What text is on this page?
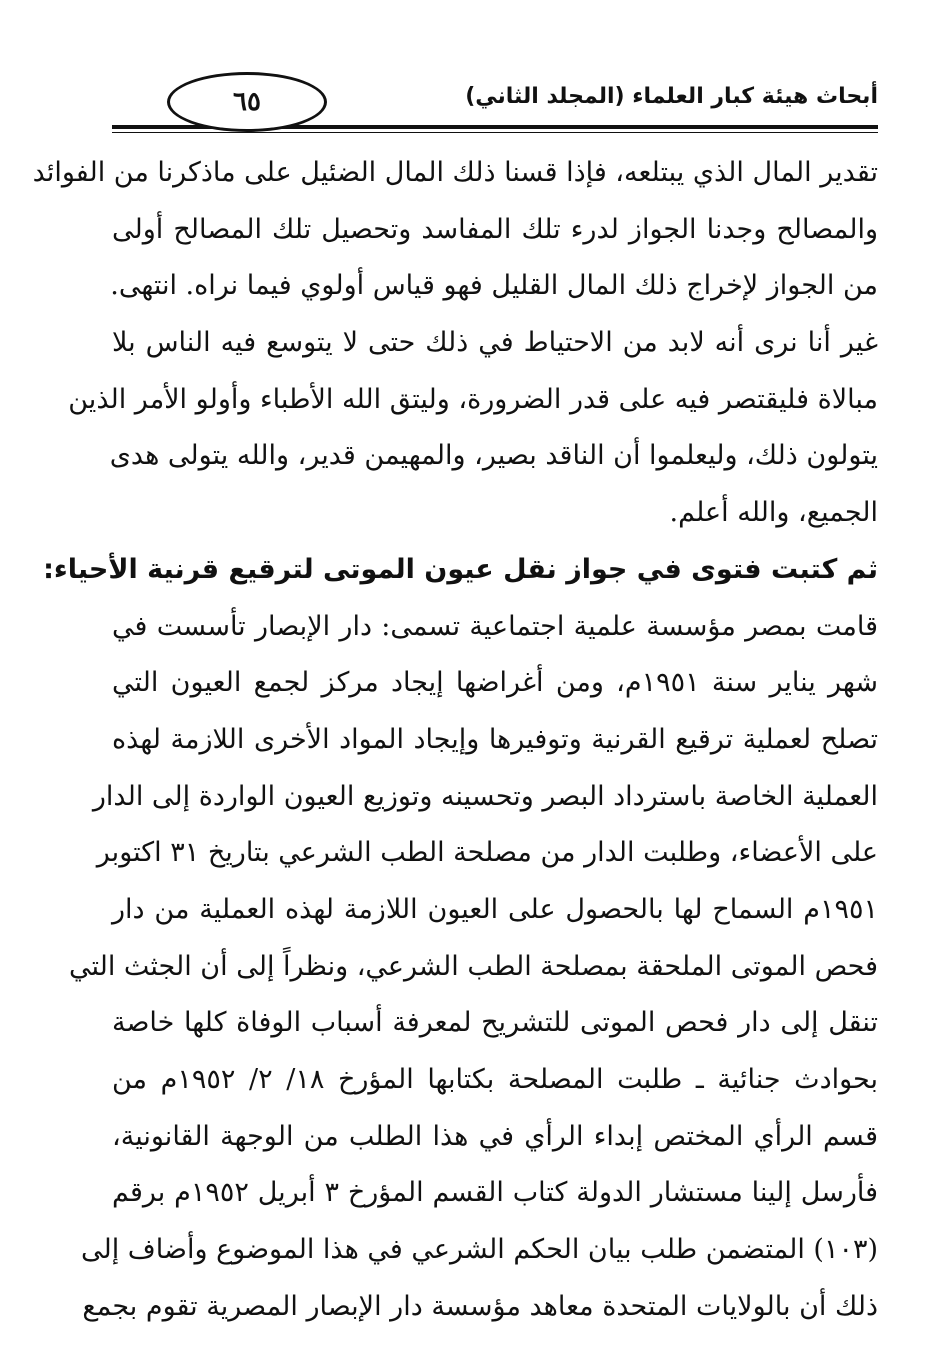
٦٥	أبحاث هيئة كبار العلماء (المجلد الثاني)
تقدير المال الذي يبتلعه، فإذا قسنا ذلك المال الضئيل على ماذكرنا من الفوائد
والمصالح وجدنا الجواز لدرء تلك المفاسد وتحصيل تلك المصالح أولى
من الجواز لإخراج ذلك المال القليل فهو قياس أولوي فيما نراه. انتهى.
غير أنا نرى أنه لابد من الاحتياط في ذلك حتى لا يتوسع فيه الناس بلا
مبالاة فليقتصر فيه على قدر الضرورة، وليتق الله الأطباء وأولو الأمر الذين
يتولون ذلك، وليعلموا أن الناقد بصير، والمهيمن قدير، والله يتولى هدى
الجميع، والله أعلم.
ثم كتبت فتوى في جواز نقل عيون الموتى لترقيع قرنية الأحياء:
قامت بمصر مؤسسة علمية اجتماعية تسمى: دار الإبصار تأسست في
شهر يناير سنة ١٩٥١م، ومن أغراضها إيجاد مركز لجمع العيون التي
تصلح لعملية ترقيع القرنية وتوفيرها وإيجاد المواد الأخرى اللازمة لهذه
العملية الخاصة باسترداد البصر وتحسينه وتوزيع العيون الواردة إلى الدار
على الأعضاء، وطلبت الدار من مصلحة الطب الشرعي بتاريخ ٣١ اكتوبر
١٩٥١م السماح لها بالحصول على العيون اللازمة لهذه العملية من دار
فحص الموتى الملحقة بمصلحة الطب الشرعي، ونظراً إلى أن الجثث التي
تنقل إلى دار فحص الموتى للتشريح لمعرفة أسباب الوفاة كلها خاصة
بحوادث جنائية ـ طلبت المصلحة بكتابها المؤرخ ١٨/ ٢/ ١٩٥٢م من
قسم الرأي المختص إبداء الرأي في هذا الطلب من الوجهة القانونية،
فأرسل إلينا مستشار الدولة كتاب القسم المؤرخ ٣ أبريل ١٩٥٢م برقم
(١٠٣) المتضمن طلب بيان الحكم الشرعي في هذا الموضوع وأضاف إلى
ذلك أن بالولايات المتحدة معاهد مؤسسة دار الإبصار المصرية تقوم بجمع
